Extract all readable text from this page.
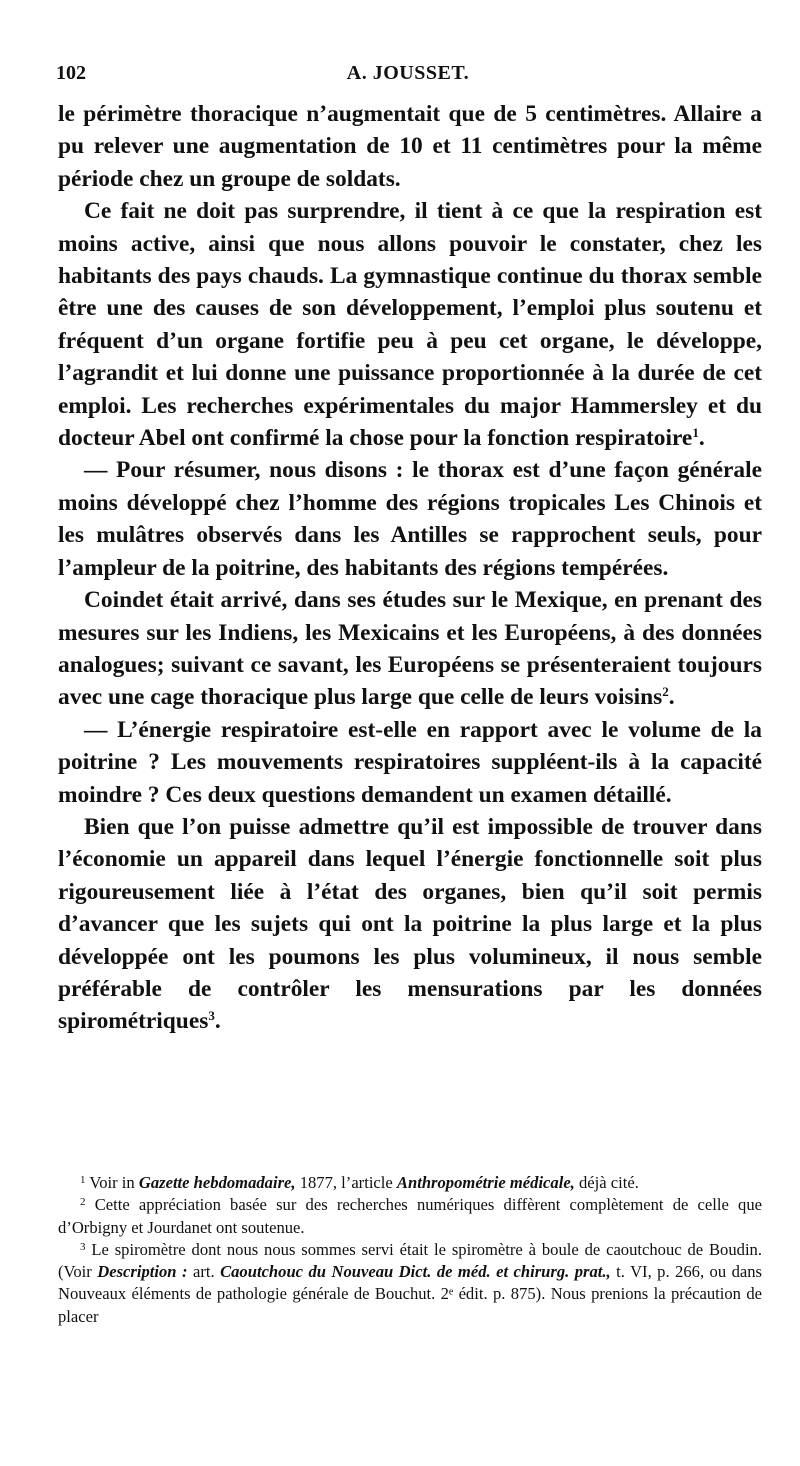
102	A. JOUSSET.

le périmètre thoracique n’augmentait que de 5 centimètres. Allaire a pu relever une augmentation de 10 et 11 centimètres pour la même période chez un groupe de soldats.

Ce fait ne doit pas surprendre, il tient à ce que la respiration est moins active, ainsi que nous allons pouvoir le constater, chez les habitants des pays chauds. La gymnastique continue du thorax semble être une des causes de son développement, l’emploi plus soutenu et fréquent d’un organe fortifie peu à peu cet organe, le développe, l’agrandit et lui donne une puissance proportionnée à la durée de cet emploi. Les recherches expérimentales du major Hammersley et du docteur Abel ont confirmé la chose pour la fonction respiratoire$^1$.

— Pour résumer, nous disons : le thorax est d’une façon générale moins développé chez l’homme des régions tropicales Les Chinois et les mulâtres observés dans les Antilles se rapprochent seuls, pour l’ampleur de la poitrine, des habitants des régions tempérées.

Coindet était arrivé, dans ses études sur le Mexique, en prenant des mesures sur les Indiens, les Mexicains et les Européens, à des données analogues; suivant ce savant, les Européens se présenteraient toujours avec une cage thoracique plus large que celle de leurs voisins$^2$.

— L’énergie respiratoire est-elle en rapport avec le volume de la poitrine ? Les mouvements respiratoires suppléent-ils à la capacité moindre ? Ces deux questions demandent un examen détaillé.

Bien que l’on puisse admettre qu’il est impossible de trouver dans l’économie un appareil dans lequel l’énergie fonctionnelle soit plus rigoureusement liée à l’état des organes, bien qu’il soit permis d’avancer que les sujets qui ont la poitrine la plus large et la plus développée ont les poumons les plus volumineux, il nous semble préférable de contrôler les mensurations par les données spirométriques$^3$.

$^1$ Voir in Gazette hebdomadaire, 1877, l’article Anthropométrie médicale, déjà cité.

$^2$ Cette appréciation basée sur des recherches numériques diffèrent complètement de celle que d’Orbigny et Jourdanet ont soutenue.

$^3$ Le spiromètre dont nous nous sommes servi était le spiromètre à boule de caoutchouc de Boudin. (Voir Description : art. Caoutchouc du Nouveau Dict. de méd. et chirurg. prat., t. VI, p. 266, ou dans Nouveaux éléments de pathologie générale de Bouchut. 2ᵉ édit. p. 875). Nous prenions la précaution de placer
